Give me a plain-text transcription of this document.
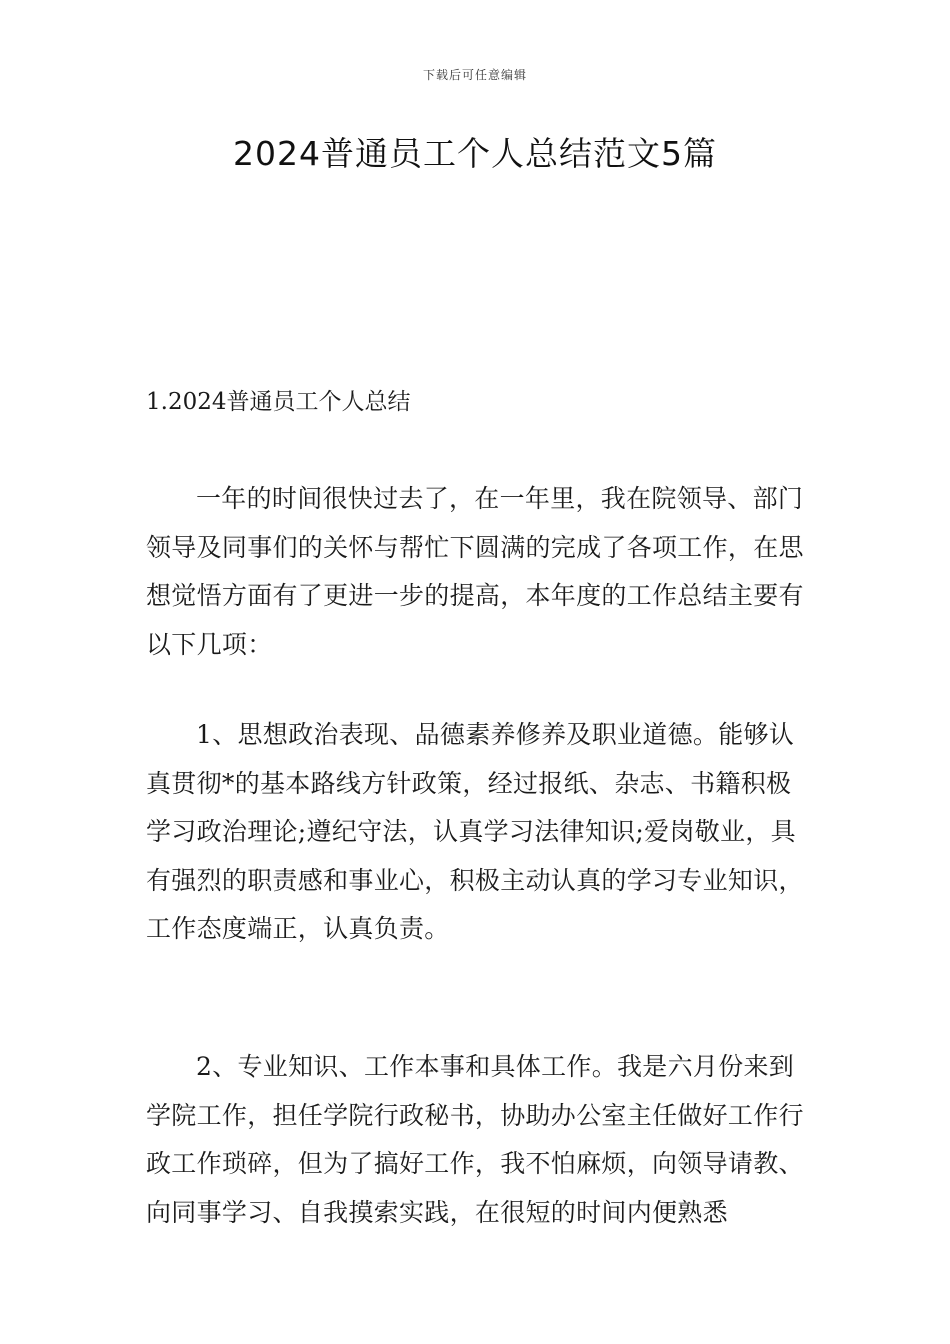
下载后可任意编辑
2024普通员工个人总结范文5篇
1.2024普通员工个人总结

一年的时间很快过去了，在一年里，我在院领导、部门领导及同事们的关怀与帮忙下圆满的完成了各项工作，在思想觉悟方面有了更进一步的提高，本年度的工作总结主要有以下几项：

1、思想政治表现、品德素养修养及职业道德。能够认真贯彻*的基本路线方针政策，经过报纸、杂志、书籍积极学习政治理论;遵纪守法，认真学习法律知识;爱岗敬业，具有强烈的职责感和事业心，积极主动认真的学习专业知识，工作态度端正，认真负责。

2、专业知识、工作本事和具体工作。我是六月份来到学院工作，担任学院行政秘书，协助办公室主任做好工作行政工作琐碎，但为了搞好工作，我不怕麻烦，向领导请教、向同事学习、自我摸索实践，在很短的时间内便熟悉
